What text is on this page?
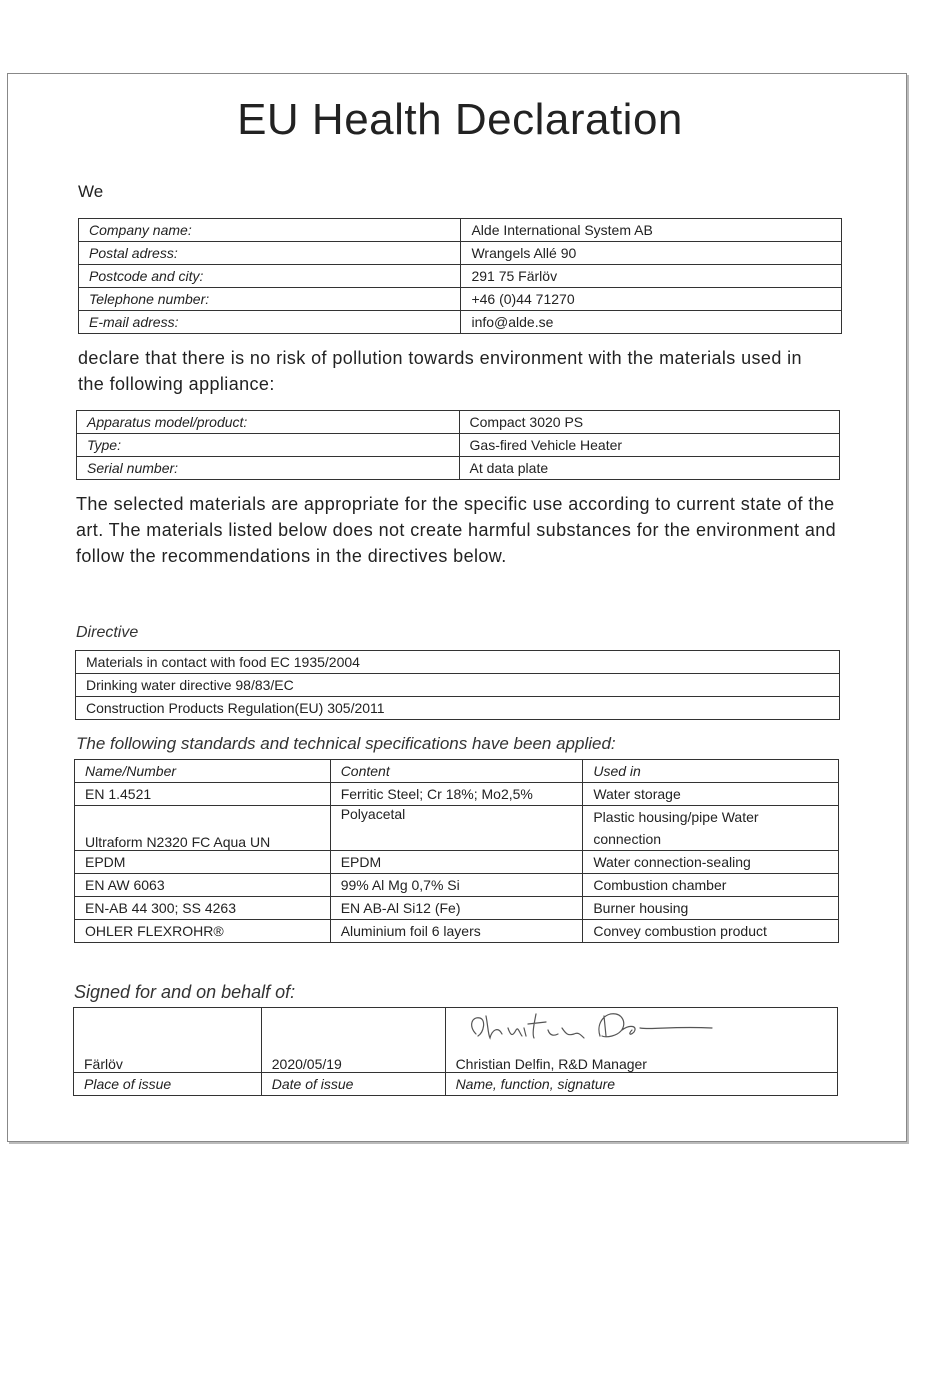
EU Health Declaration
We
Company name:	Alde International System AB
Postal adress:	Wrangels Allé 90
Postcode and city:	291 75 Färlöv
Telephone number:	+46 (0)44 71270
E-mail adress:	info@alde.se
declare that there is no risk of pollution towards environment with the materials used in the following appliance:
Apparatus model/product:	Compact 3020 PS
Type:	Gas-fired Vehicle Heater
Serial number:	At data plate
The selected materials are appropriate for the specific use according to current state of the art. The materials listed below does not create harmful substances for the environment and follow the recommendations in the directives below.
Directive
Materials in contact with food EC 1935/2004
Drinking water directive 98/83/EC
Construction Products Regulation(EU) 305/2011
The following standards and technical specifications have been applied:
Name/Number	Content	Used in
EN 1.4521	Ferritic Steel; Cr 18%; Mo2,5%	Water storage
Ultraform N2320 FC Aqua UN	Polyacetal	Plastic housing/pipe Water connection
EPDM	EPDM	Water connection-sealing
EN AW 6063	99% Al Mg 0,7% Si	Combustion chamber
EN-AB 44 300; SS 4263	EN AB-Al Si12 (Fe)	Burner housing
OHLER FLEXROHR®	Aluminium foil 6 layers	Convey combustion product
Signed for and on behalf of:
Färlöv	2020/05/19	Christian Delfin, R&D Manager
Place of issue	Date of issue	Name, function, signature
